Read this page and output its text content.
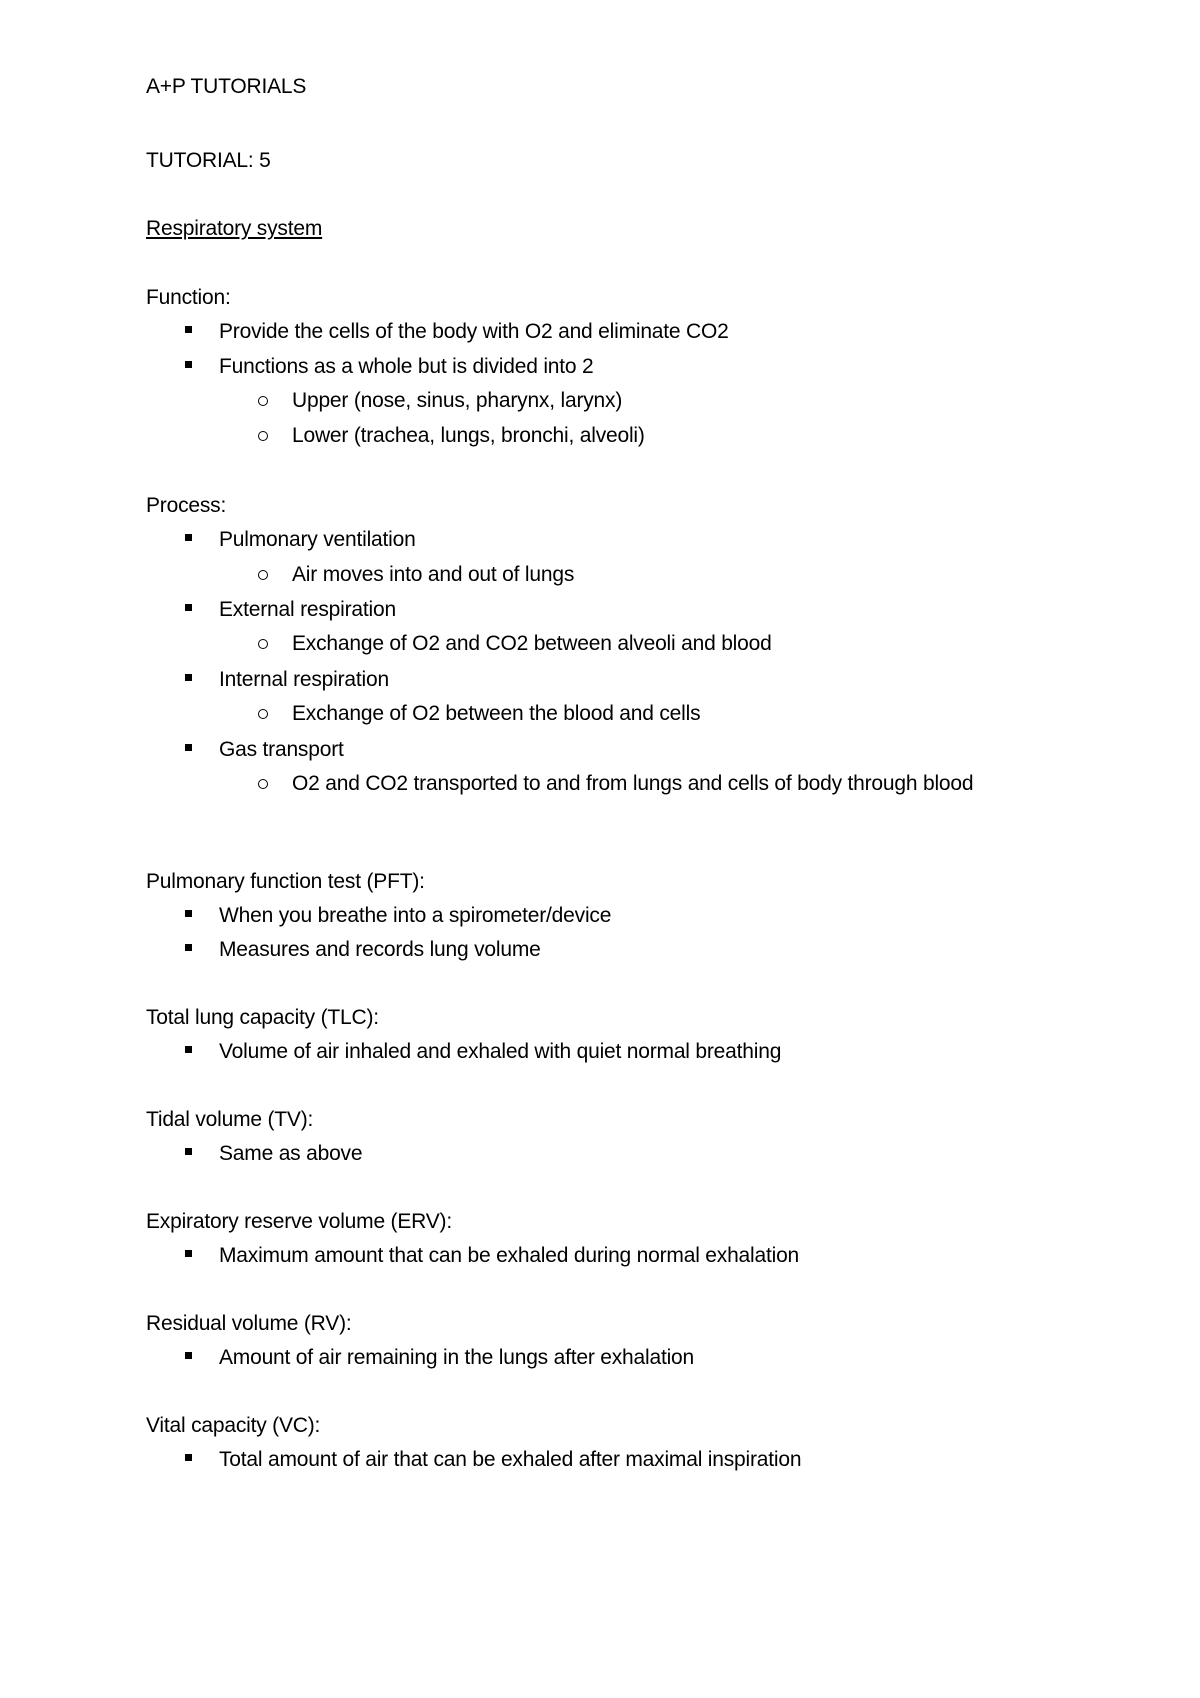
A+P TUTORIALS
TUTORIAL: 5
Respiratory system
Function:
Provide the cells of the body with O2 and eliminate CO2
Functions as a whole but is divided into 2
Upper (nose, sinus, pharynx, larynx)
Lower (trachea, lungs, bronchi, alveoli)
Process:
Pulmonary ventilation
Air moves into and out of lungs
External respiration
Exchange of O2 and CO2 between alveoli and blood
Internal respiration
Exchange of O2 between the blood and cells
Gas transport
O2 and CO2 transported to and from lungs and cells of body through blood
Pulmonary function test (PFT):
When you breathe into a spirometer/device
Measures and records lung volume
Total lung capacity (TLC):
Volume of air inhaled and exhaled with quiet normal breathing
Tidal volume (TV):
Same as above
Expiratory reserve volume (ERV):
Maximum amount that can be exhaled during normal exhalation
Residual volume (RV):
Amount of air remaining in the lungs after exhalation
Vital capacity (VC):
Total amount of air that can be exhaled after maximal inspiration
